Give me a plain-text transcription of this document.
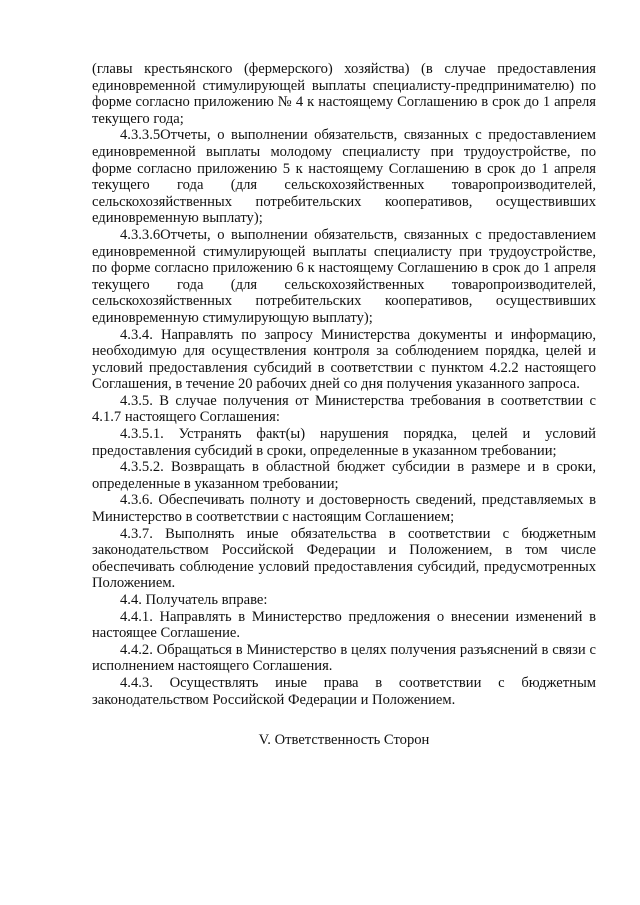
(главы крестьянского (фермерского) хозяйства) (в случае предоставления единовременной стимулирующей выплаты специалисту-предпринимателю) по форме согласно приложению № 4 к настоящему Соглашению в срок до 1 апреля текущего года;

4.3.3.5Отчеты, о выполнении обязательств, связанных с предоставлением единовременной выплаты молодому специалисту при трудоустройстве, по форме согласно приложению 5 к настоящему Соглашению в срок до 1 апреля текущего года (для сельскохозяйственных товаропроизводителей, сельскохозяйственных потребительских кооперативов, осуществивших единовременную выплату);

4.3.3.6Отчеты, о выполнении обязательств, связанных с предоставлением единовременной стимулирующей выплаты специалисту при трудоустройстве, по форме согласно приложению 6 к настоящему Соглашению в срок до 1 апреля текущего года (для сельскохозяйственных товаропроизводителей, сельскохозяйственных потребительских кооперативов, осуществивших единовременную стимулирующую выплату);

4.3.4. Направлять по запросу Министерства документы и информацию, необходимую для осуществления контроля за соблюдением порядка, целей и условий предоставления субсидий в соответствии с пунктом 4.2.2 настоящего Соглашения, в течение 20 рабочих дней со дня получения указанного запроса.

4.3.5. В случае получения от Министерства требования в соответствии с 4.1.7 настоящего Соглашения:

4.3.5.1. Устранять факт(ы) нарушения порядка, целей и условий предоставления субсидий в сроки, определенные в указанном требовании;

4.3.5.2. Возвращать в областной бюджет субсидии в размере и в сроки, определенные в указанном требовании;

4.3.6. Обеспечивать полноту и достоверность сведений, представляемых в Министерство в соответствии с настоящим Соглашением;

4.3.7. Выполнять иные обязательства в соответствии с бюджетным законодательством Российской Федерации и Положением, в том числе обеспечивать соблюдение условий предоставления субсидий, предусмотренных Положением.

4.4. Получатель вправе:

4.4.1. Направлять в Министерство предложения о внесении изменений в настоящее Соглашение.

4.4.2. Обращаться в Министерство в целях получения разъяснений в связи с исполнением настоящего Соглашения.

4.4.3. Осуществлять иные права в соответствии с бюджетным законодательством Российской Федерации и Положением.

V. Ответственность Сторон
